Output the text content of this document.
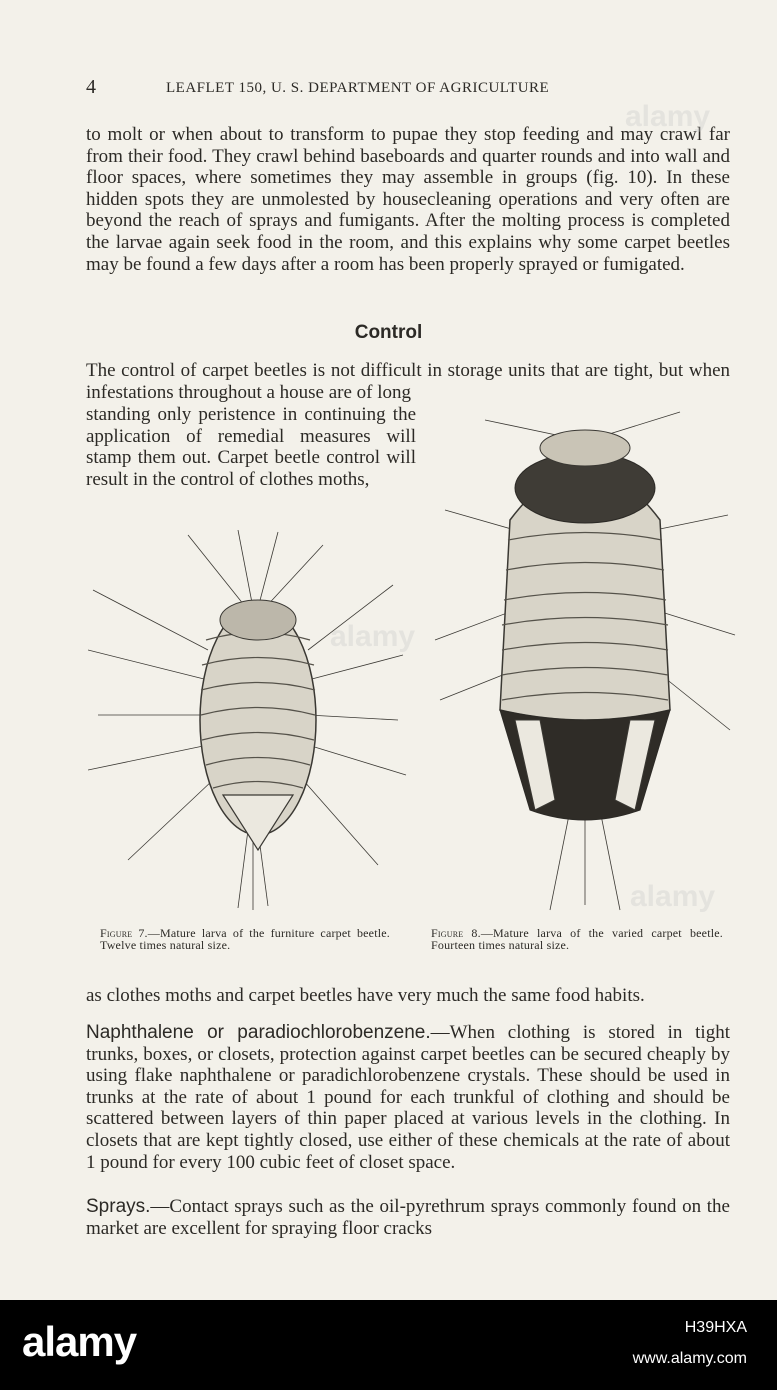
4	LEAFLET 150, U. S. DEPARTMENT OF AGRICULTURE

to molt or when about to transform to pupae they stop feeding and may crawl far from their food. They crawl behind baseboards and quarter rounds and into wall and floor spaces, where sometimes they may assemble in groups (fig. 10). In these hidden spots they are unmolested by housecleaning operations and very often are beyond the reach of sprays and fumigants. After the molting process is completed the larvae again seek food in the room, and this explains why some carpet beetles may be found a few days after a room has been properly sprayed or fumigated.

Control

The control of carpet beetles is not difficult in storage units that are tight, but when infestations throughout a house are of long

standing only peristence in continuing the application of remedial measures will stamp them out. Carpet beetle control will result in the control of clothes moths,

Figure 7.—Mature larva of the furniture carpet beetle. Twelve times natural size.
Figure 8.—Mature larva of the varied carpet beetle. Fourteen times natural size.

as clothes moths and carpet beetles have very much the same food habits.

Naphthalene or paradiochlorobenzene.—When clothing is stored in tight trunks, boxes, or closets, protection against carpet beetles can be secured cheaply by using flake naphthalene or paradichlorobenzene crystals. These should be used in trunks at the rate of about 1 pound for each trunkful of clothing and should be scattered between layers of thin paper placed at various levels in the clothing. In closets that are kept tightly closed, use either of these chemicals at the rate of about 1 pound for every 100 cubic feet of closet space.

Sprays.—Contact sprays such as the oil-pyrethrum sprays commonly found on the market are excellent for spraying floor cracks

alamy
alamy
alamy
alamy	H39HXA
www.alamy.com
